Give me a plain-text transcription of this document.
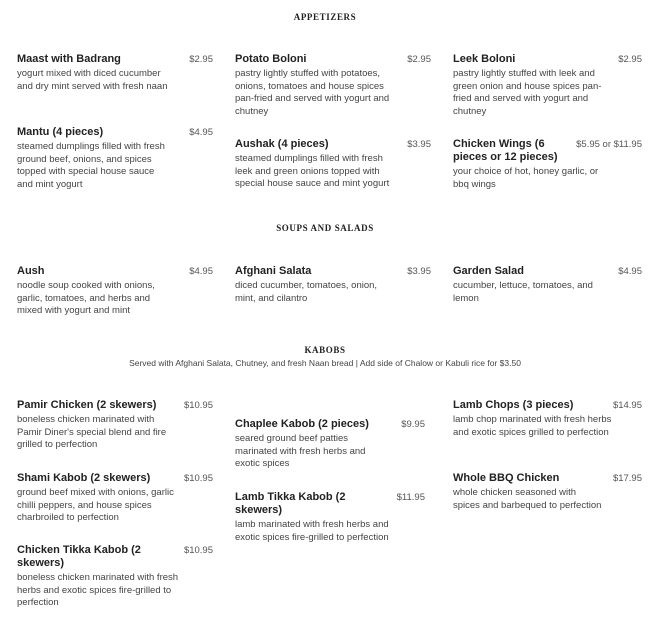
APPETIZERS
Maast with Badrang	$2.95
yogurt mixed with diced cucumber and dry mint served with fresh naan
Potato Boloni	$2.95
pastry lightly stuffed with potatoes, onions, tomatoes and house spices pan-fried and served with yogurt and chutney
Leek Boloni	$2.95
pastry lightly stuffed with leek and green onion and house spices pan-fried and served with yogurt and chutney
Mantu (4 pieces)	$4.95
steamed dumplings filled with fresh ground beef, onions, and spices topped with special house sauce and mint yogurt
Aushak (4 pieces)	$3.95
steamed dumplings filled with fresh leek and green onions topped with special house sauce and mint yogurt
Chicken Wings (6 pieces or 12 pieces)
$5.95 or $11.95
your choice of hot, honey garlic, or bbq wings
SOUPS AND SALADS
Aush	$4.95
noodle soup cooked with onions, garlic, tomatoes, and herbs and mixed with yogurt and mint
Afghani Salata	$3.95
diced cucumber, tomatoes, onion, mint, and cilantro
Garden Salad	$4.95
cucumber, lettuce, tomatoes, and lemon
KABOBS
Served with Afghani Salata, Chutney, and fresh Naan bread | Add side of Chalow or Kabuli rice for $3.50
Pamir Chicken (2 skewers)	$10.95
boneless chicken marinated with Pamir Diner's special blend and fire grilled to perfection
Shami Kabob (2 skewers)	$10.95
ground beef mixed with onions, garlic chilli peppers, and house spices charbroiled to perfection
Chicken Tikka Kabob (2 skewers)
$10.95
boneless chicken marinated with fresh herbs and exotic spices fire-grilled to perfection
Chaplee Kabob (2 pieces)	$9.95
seared ground beef patties marinated with fresh herbs and exotic spices
Lamb Tikka Kabob (2 skewers)
$11.95
lamb marinated with fresh herbs and exotic spices fire-grilled to perfection
Lamb Chops (3 pieces)	$14.95
lamb chop marinated with fresh herbs and exotic spices grilled to perfection
Whole BBQ Chicken	$17.95
whole chicken seasoned with spices and barbequed to perfection
